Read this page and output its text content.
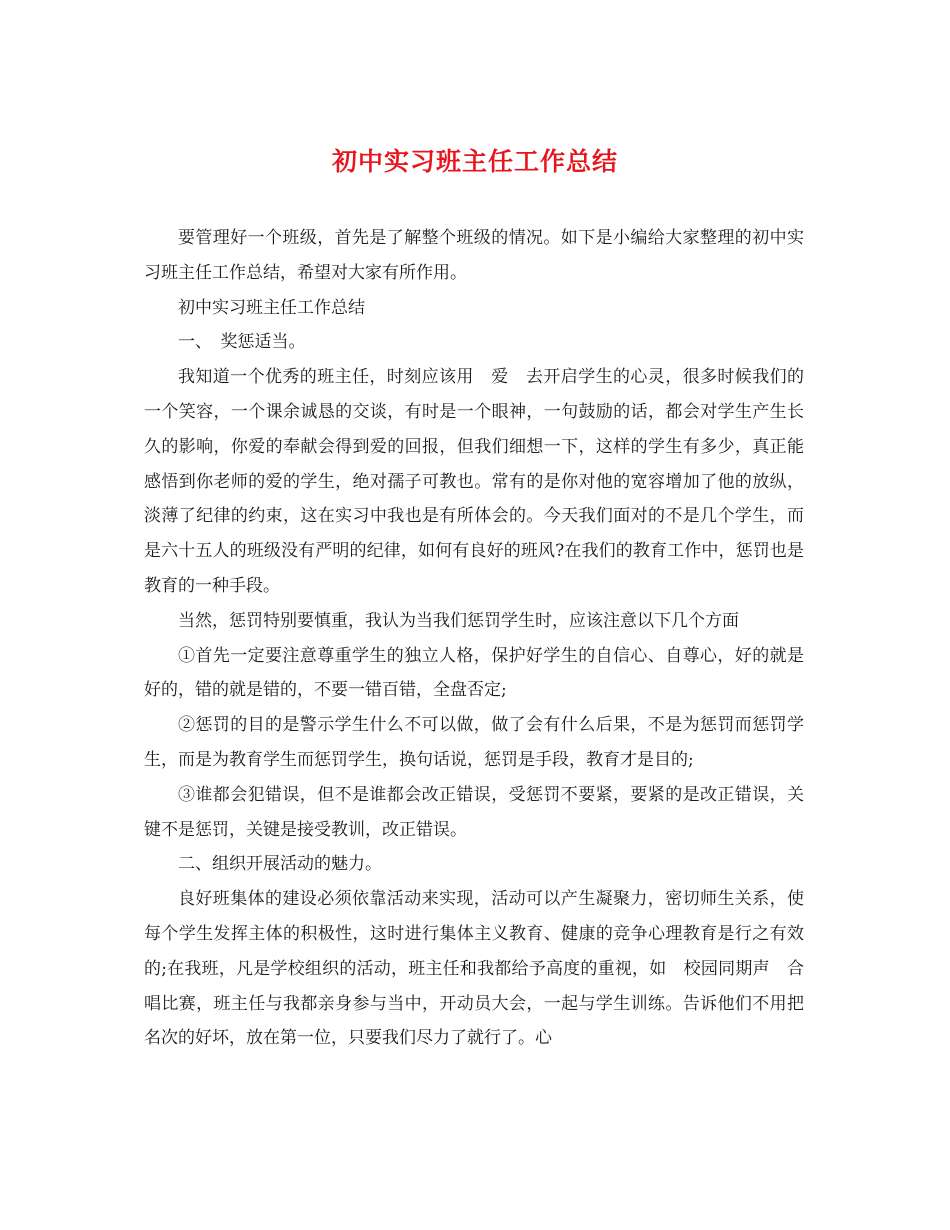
初中实习班主任工作总结

要管理好一个班级，首先是了解整个班级的情况。如下是小编给大家整理的初中实习班主任工作总结，希望对大家有所作用。

初中实习班主任工作总结

一、　奖惩适当。

我知道一个优秀的班主任，时刻应该用　爱　去开启学生的心灵，很多时候我们的一个笑容，一个课余诚恳的交谈，有时是一个眼神，一句鼓励的话，都会对学生产生长久的影响，你爱的奉献会得到爱的回报，但我们细想一下，这样的学生有多少，真正能感悟到你老师的爱的学生，绝对孺子可教也。常有的是你对他的宽容增加了他的放纵，淡薄了纪律的约束，这在实习中我也是有所体会的。今天我们面对的不是几个学生，而是六十五人的班级没有严明的纪律，如何有良好的班风?在我们的教育工作中，惩罚也是教育的一种手段。

当然，惩罚特别要慎重，我认为当我们惩罚学生时，应该注意以下几个方面

①首先一定要注意尊重学生的独立人格，保护好学生的自信心、自尊心，好的就是好的，错的就是错的，不要一错百错，全盘否定;

②惩罚的目的是警示学生什么不可以做，做了会有什么后果，不是为惩罚而惩罚学生，而是为教育学生而惩罚学生，换句话说，惩罚是手段，教育才是目的;

③谁都会犯错误，但不是谁都会改正错误，受惩罚不要紧，要紧的是改正错误，关键不是惩罚，关键是接受教训，改正错误。

二、组织开展活动的魅力。

良好班集体的建设必须依靠活动来实现，活动可以产生凝聚力，密切师生关系，使每个学生发挥主体的积极性，这时进行集体主义教育、健康的竞争心理教育是行之有效的;在我班，凡是学校组织的活动，班主任和我都给予高度的重视，如　校园同期声　合唱比赛，班主任与我都亲身参与当中，开动员大会，一起与学生训练。告诉他们不用把名次的好坏，放在第一位，只要我们尽力了就行了。心
